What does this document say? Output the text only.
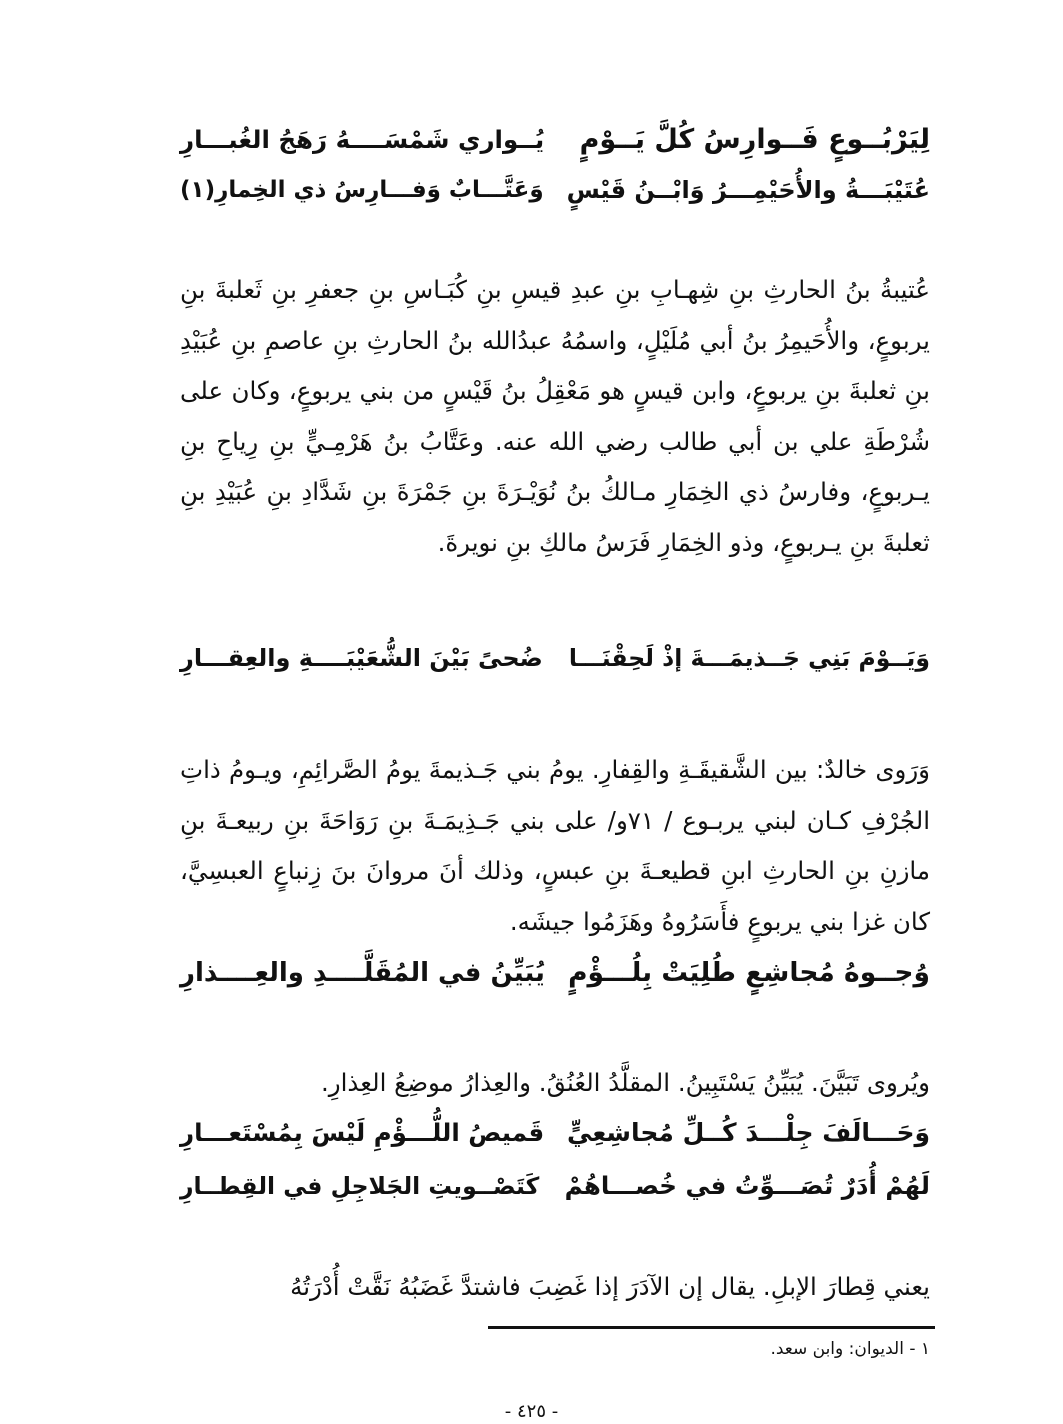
لِيَرْبُــوعٍ فَــوارِسُ كُلَّ يَــوْمٍ
يُــواري شَمْسَــــهُ رَهَجُ الغُبـــارِ
عُتَيْبَـــةُ والأُحَيْمِـــرُ وَابْــنُ قَيْسٍ
وَعَتَّـــابٌ وَفـــارِسُ ذي الخِمارِ(١)
عُتيبةُ بنُ الحارثِ بنِ شِهـابِ بنِ عبدِ قيسِ بنِ كُبَـاسِ بنِ جعفرِ بنِ ثَعلبةَ بنِ يربوعٍ، والأُحَيمِرُ بنُ أبي مُلَيْلٍ، واسمُهُ عبدُالله بنُ الحارثِ بنِ عاصمِ بنِ عُبَيْدِ بنِ ثعلبةَ بنِ يربوعٍ، وابن قيسٍ هو مَعْقِلُ بنُ قَيْسٍ من بني يربوعٍ، وكان على شُرْطَةِ علي بن أبي طالب رضي الله عنه. وعَتَّابُ بنُ هَرْمِـيٍّ بنِ رِياحِ بنِ يـربوعٍ، وفارسُ ذي الخِمَارِ مـالكُ بنُ نُوَيْـرَةَ بنِ جَمْرَةَ بنِ شَدَّادِ بنِ عُبَيْدِ بنِ ثعلبةَ بنِ يـربوعٍ، وذو الخِمَارِ فَرَسُ مالكِ بنِ نويرةَ.
وَيَــوْمَ بَنِي جَــذيمَـــةَ إذْ لَحِقْنَـــا
ضُحىً بَيْنَ الشُّعَيْبَــــةِ والعِقـــارِ
وَرَوى خالدٌ: بين الشَّقيقَـةِ والقِفارِ. يومُ بني جَـذيمةَ يومُ الصَّرائِمِ، ويـومُ ذاتِ الجُرْفِ كـان لبني يربـوع / ٧١و/ على بني جَـذِيمَـةَ بنِ رَوَاحَةَ بنِ ربيعـةَ بنِ مازنِ بنِ الحارثِ ابنِ قطيعـةَ بنِ عبسٍ، وذلك أنَ مروانَ بنَ زِنباعٍ العبسِيَّ، كان غزا بني يربوعٍ فأَسَرُوهُ وهَزَمُوا جيشَه.
وُجــوهُ مُجاشِعٍ طُلِيَتْ بِلُـــؤْمٍ
يُبَيِّنُ في المُقَلَّــــدِ والعِــــذارِ
ويُروى تَبَيَّنَ. يُبَيِّنُ يَسْتَبِينُ. المقلَّدُ العُنُقُ. والعِذارُ موضِعُ العِذارِ.
وَحَـــالَفَ جِلْـــدَ كُــلِّ مُجاشِعِيٍّ
قَميصُ اللُّـــؤْمِ لَيْسَ بِمُسْتَعـــارِ
لَهُمْ أُدَرٌ تُصَـــوِّتُ في خُصـــاهُمْ
كَتَصْــويتِ الجَلاجِلِ في القِطــارِ
يعني قِطارَ الإبلِ. يقال إن الآدَرَ إذا غَضِبَ فاشتدَّ غَضَبُهُ نَقَّتْ أُدْرَتُهُ
١ - الديوان: وابن سعد.
- ٤٢٥ -
